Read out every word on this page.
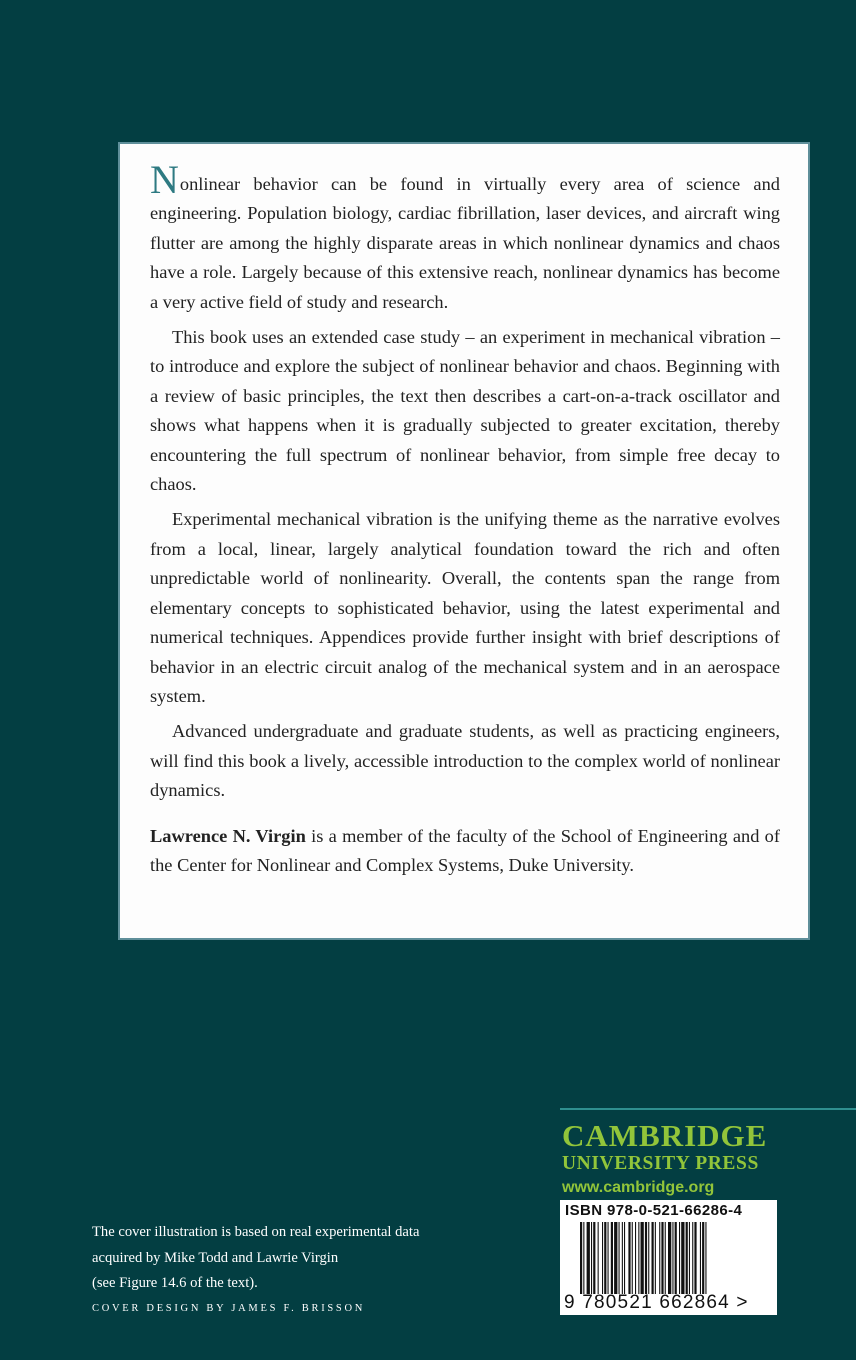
Nonlinear behavior can be found in virtually every area of science and engineering. Population biology, cardiac fibrillation, laser devices, and aircraft wing flutter are among the highly disparate areas in which nonlinear dynamics and chaos have a role. Largely because of this extensive reach, nonlinear dynamics has become a very active field of study and research.

This book uses an extended case study – an experiment in mechanical vibration – to introduce and explore the subject of nonlinear behavior and chaos. Beginning with a review of basic principles, the text then describes a cart-on-a-track oscillator and shows what happens when it is gradually subjected to greater excitation, thereby encountering the full spectrum of nonlinear behavior, from simple free decay to chaos.

Experimental mechanical vibration is the unifying theme as the narrative evolves from a local, linear, largely analytical foundation toward the rich and often unpredictable world of nonlinearity. Overall, the contents span the range from elementary concepts to sophisticated behavior, using the latest experimental and numerical techniques. Appendices provide further insight with brief descriptions of behavior in an electric circuit analog of the mechanical system and in an aerospace system.

Advanced undergraduate and graduate students, as well as practicing engineers, will find this book a lively, accessible introduction to the complex world of nonlinear dynamics.

Lawrence N. Virgin is a member of the faculty of the School of Engineering and of the Center for Nonlinear and Complex Systems, Duke University.

CAMBRIDGE
UNIVERSITY PRESS
www.cambridge.org
ISBN 978-0-521-66286-4
9 780521 662864 >
The cover illustration is based on real experimental data
acquired by Mike Todd and Lawrie Virgin
(see Figure 14.6 of the text).
COVER DESIGN BY JAMES F. BRISSON
